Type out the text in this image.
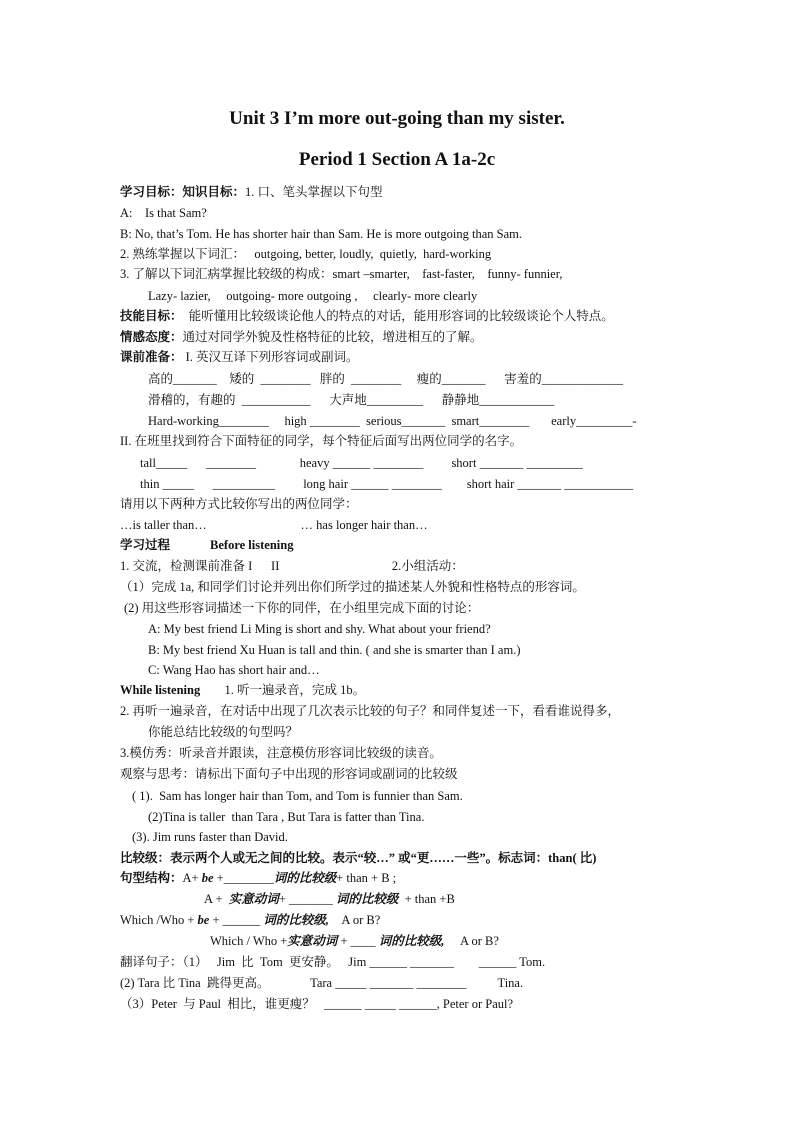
Unit 3 I’m more out-going than my sister.
Period 1 Section A 1a-2c
学习目标：知识目标：1. 口、笔头掌握以下句型
A:    Is that Sam?
B: No, that’s Tom. He has shorter hair than Sam. He is more outgoing than Sam.
2. 熟练掌握以下词汇：   outgoing, better, loudly,  quietly,  hard-working
3. 了解以下词汇病掌握比较级的构成：smart –smarter,    fast-faster,    funny- funnier,
Lazy- lazier,     outgoing- more outgoing ,     clearly- more clearly
技能目标：  能听懂用比较级谈论他人的特点的对话，能用形容词的比较级谈论个人特点。
情感态度：通过对同学外貌及性格特征的比较，增进相互的了解。
课前准备： I. 英汉互译下列形容词或副词。
高的_______    矮的  ________   胖的  ________     瘦的_______      害羞的_____________
滑稽的，有趣的  ___________      大声地_________      静静地____________
Hard-working________     high ________  serious_______  smart________       early_________-
II. 在班里找到符合下面特征的同学，每个特征后面写出两位同学的名字。
tall_____      ________              heavy ______ ________         short _______ _________
thin _____      __________         long hair ______ ________        short hair _______ ___________
请用以下两种方式比较你写出的两位同学：
…is taller than…                              … has longer hair than…
学习过程	Before listening
1. 交流，检测课前准备 I      II                                    2.小组活动：
（1）完成 1a, 和同学们讨论并列出你们所学过的描述某人外貌和性格特点的形容词。
(2) 用这些形容词描述一下你的同伴，在小组里完成下面的讨论：
A: My best friend Li Ming is short and shy. What about your friend?
B: My best friend Xu Huan is tall and thin. ( and she is smarter than I am.)
C: Wang Hao has short hair and…
While listening  1. 听一遍录音，完成 1b。
2. 再听一遍录音，在对话中出现了几次表示比较的句子？和同伴复述一下，看看谁说得多，
你能总结比较级的句型吗？
3.模仿秀：听录音并跟读，注意模仿形容词比较级的读音。
观察与思考：请标出下面句子中出现的形容词或副词的比较级
( 1).  Sam has longer hair than Tom, and Tom is funnier than Sam.
(2)Tina is taller  than Tara , But Tara is fatter than Tina.
(3). Jim runs faster than David.
比较级：表示两个人或无之间的比较。表示“较…” 或“更……一些”。标志词：than( 比)
句型结构：A+ be +________词的比较级+ than + B ;
A +  实意动词+ _______ 词的比较级  + than +B
Which /Who + be + ______ 词的比较级,    A or B?
Which / Who +实意动词 + ____ 词的比较级,     A or B?
翻译句子：（1）   Jim  比  Tom  更安静。   Jim ______ _______        ______ Tom.
(2) Tara 比 Tina  跳得更高。             Tara _____ _______ ________          Tina.
（3）Peter  与 Paul  相比，谁更瘦？   ______ _____ ______, Peter or Paul?
